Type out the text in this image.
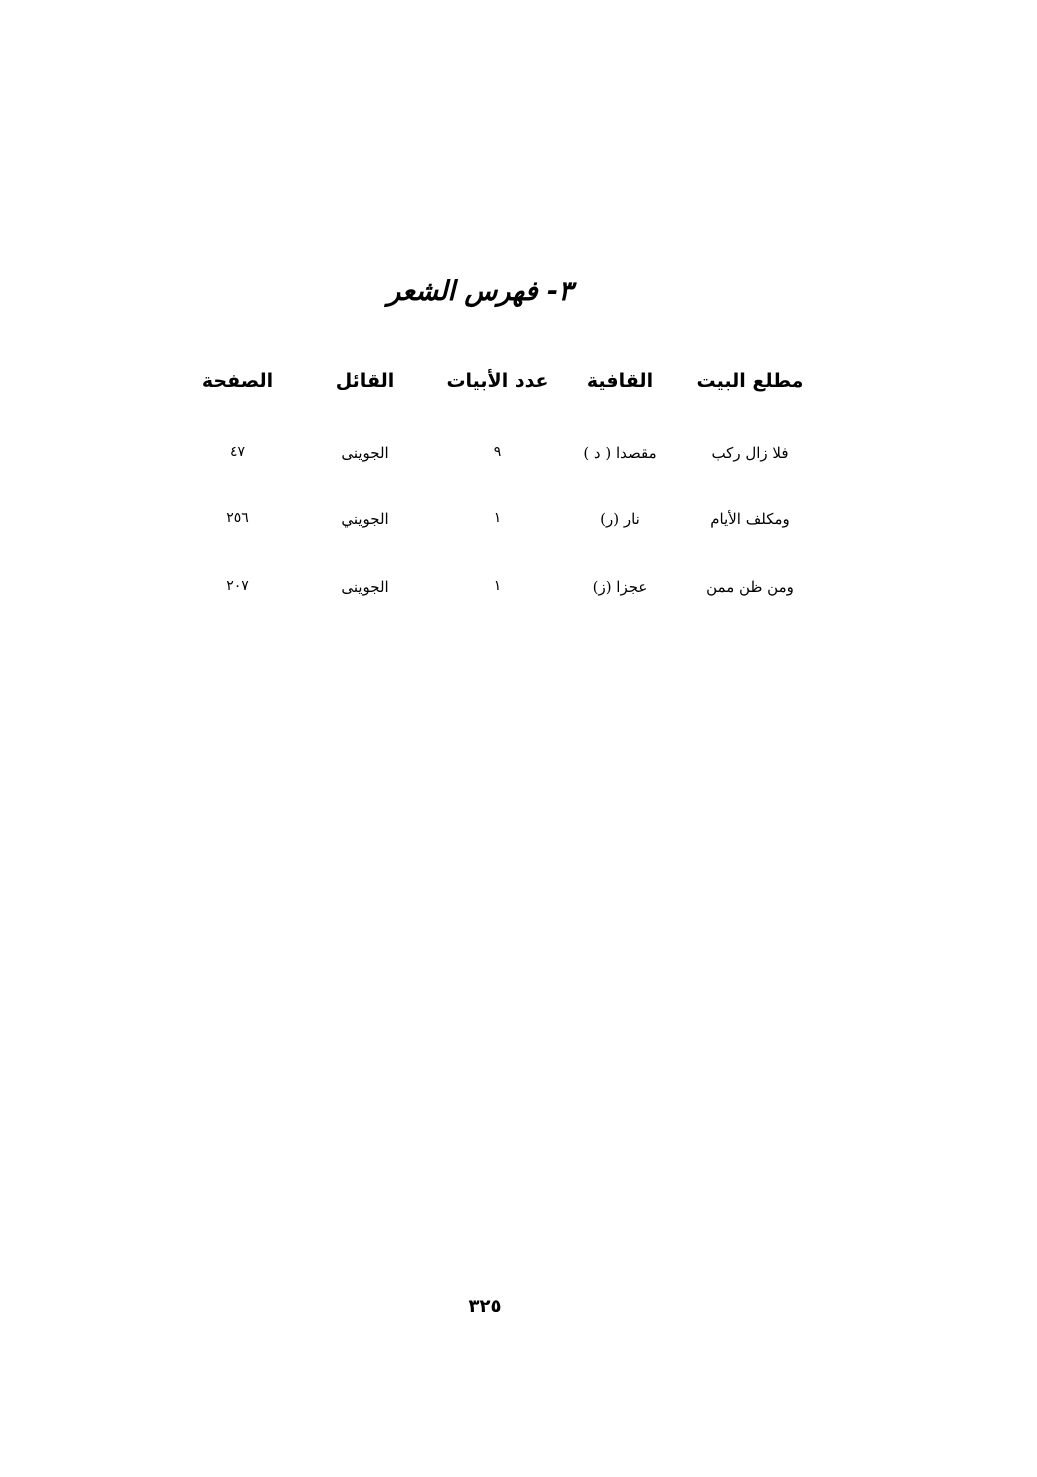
٣- فهرس الشعر
مطلع البيت
القافية
عدد الأبيات
القائل
الصفحة
فلا زال ركب
مقصدا ( د )
٩
الجوينى
٤٧
ومكلف الأيام
نار (ر)
١
الجويني
٢٥٦
ومن ظن ممن
عجزا (ز)
١
الجوينى
٢٠٧
٣٢٥
